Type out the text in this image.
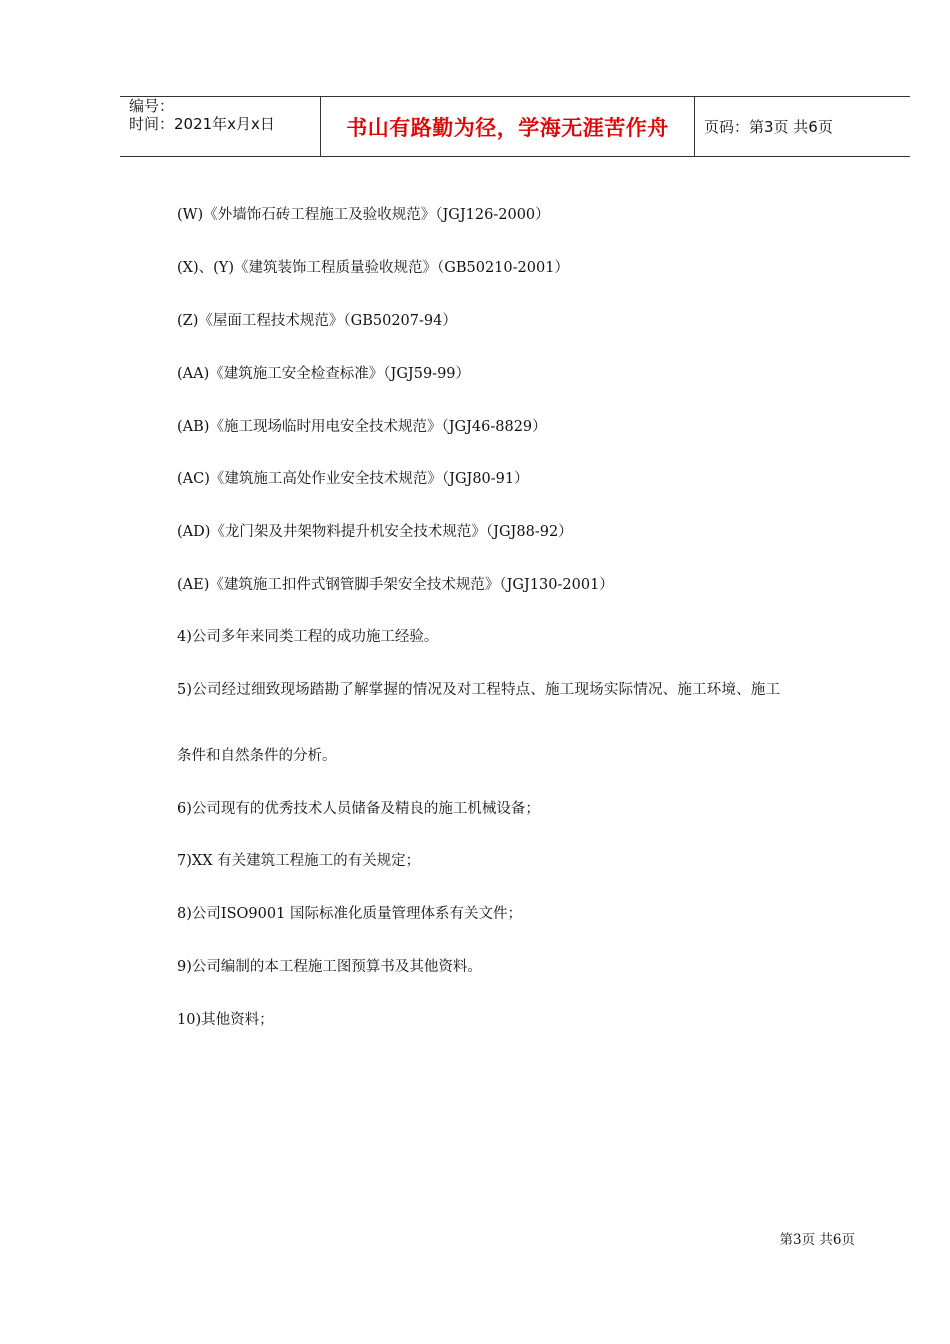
编号：
时间：2021年x月x日	书山有路勤为径，学海无涯苦作舟 页码：第3页 共6页
(W)《外墙饰石砖工程施工及验收规范》（JGJ126-2000）
(X)、(Y)《建筑装饰工程质量验收规范》（GB50210-2001）
(Z)《屋面工程技术规范》（GB50207-94）
(AA)《建筑施工安全检查标准》（JGJ59-99）
(AB)《施工现场临时用电安全技术规范》（JGJ46-8829）
(AC)《建筑施工高处作业安全技术规范》（JGJ80-91）
(AD)《龙门架及井架物料提升机安全技术规范》（JGJ88-92）
(AE)《建筑施工扣件式钢管脚手架安全技术规范》（JGJ130-2001）
4)公司多年来同类工程的成功施工经验。
5)公司经过细致现场踏勘了解掌握的情况及对工程特点、施工现场实际情况、施工环境、施工
条件和自然条件的分析。
6)公司现有的优秀技术人员储备及精良的施工机械设备；
7)XX 有关建筑工程施工的有关规定；
8)公司ISO9001 国际标准化质量管理体系有关文件；
9)公司编制的本工程施工图预算书及其他资料。
10)其他资料；
第3页 共6页
